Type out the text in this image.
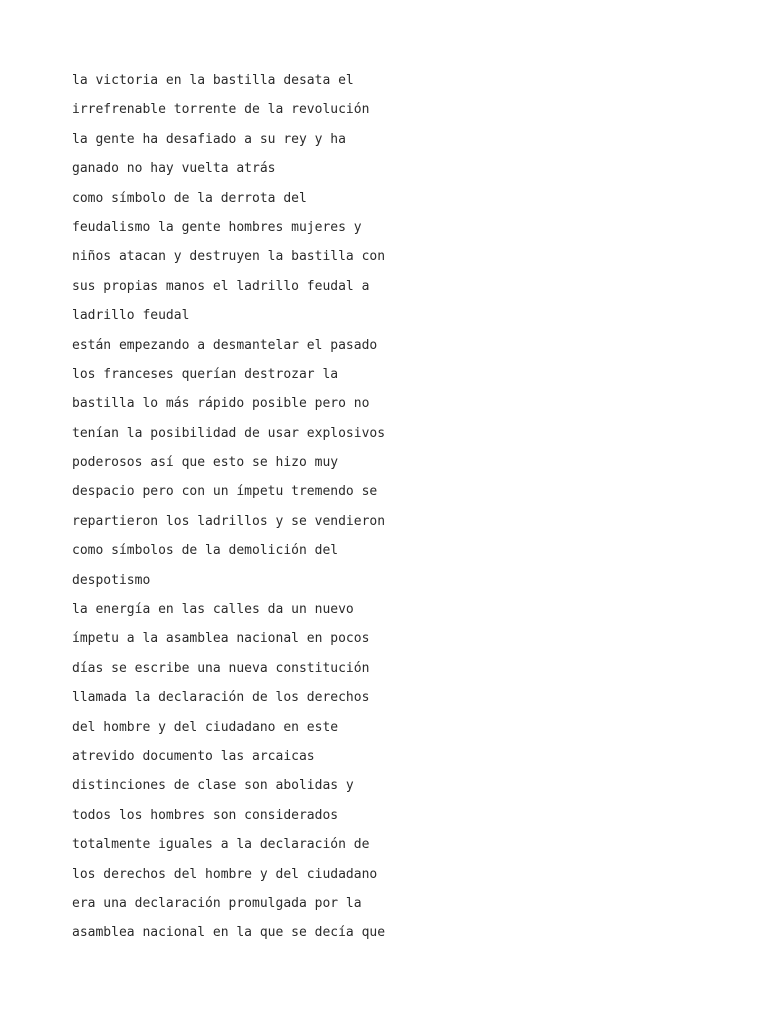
la victoria en la bastilla desata el
irrefrenable torrente de la revolución
la gente ha desafiado a su rey y ha
ganado no hay vuelta atrás
como símbolo de la derrota del
feudalismo la gente hombres mujeres y
niños atacan y destruyen la bastilla con
sus propias manos el ladrillo feudal a
ladrillo feudal
están empezando a desmantelar el pasado
los franceses querían destrozar la
bastilla lo más rápido posible pero no
tenían la posibilidad de usar explosivos
poderosos así que esto se hizo muy
despacio pero con un ímpetu tremendo se
repartieron los ladrillos y se vendieron
como símbolos de la demolición del
despotismo
la energía en las calles da un nuevo
ímpetu a la asamblea nacional en pocos
días se escribe una nueva constitución
llamada la declaración de los derechos
del hombre y del ciudadano en este
atrevido documento las arcaicas
distinciones de clase son abolidas y
todos los hombres son considerados
totalmente iguales a la declaración de
los derechos del hombre y del ciudadano
era una declaración promulgada por la
asamblea nacional en la que se decía que
